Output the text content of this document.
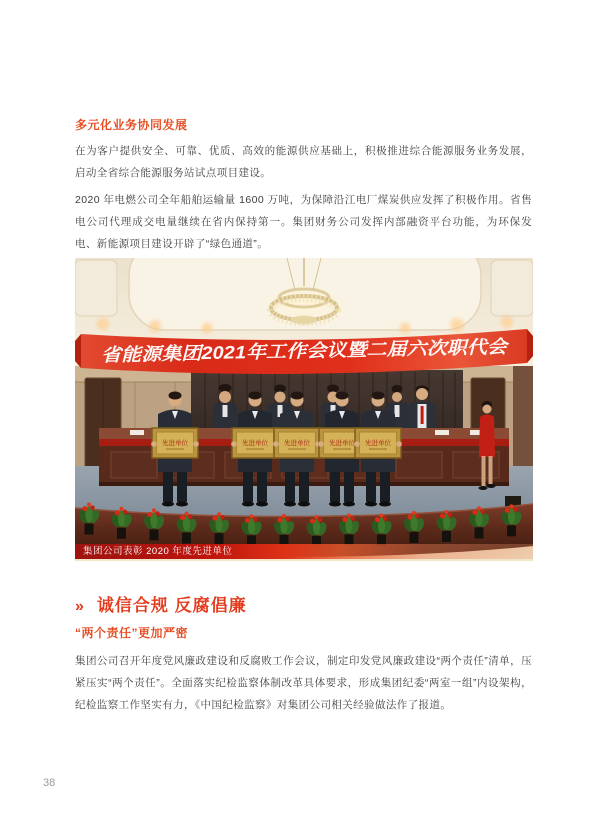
多元化业务协同发展

在为客户提供安全、可靠、优质、高效的能源供应基础上，积极推进综合能源服务业务发展，启动全省综合能源服务站试点项目建设。

2020 年电燃公司全年船舶运输量 1600 万吨，为保障沿江电厂煤炭供应发挥了积极作用。省售电公司代理成交电量继续在省内保持第一。集团财务公司发挥内部融资平台功能，为环保发电、新能源项目建设开辟了“绿色通道”。

省能源集团2021年工作会议暨二届六次职代会
先进单位	先进单位 先进单位	先进单位 先进单位
集团公司表彰 2020 年度先进单位
» 诚信合规 反腐倡廉
“两个责任”更加严密

集团公司召开年度党风廉政建设和反腐败工作会议，制定印发党风廉政建设“两个责任”清单，压紧压实“两个责任”。全面落实纪检监察体制改革具体要求，形成集团纪委“两室一组”内设架构，纪检监察工作坚实有力，《中国纪检监察》对集团公司相关经验做法作了报道。

38
